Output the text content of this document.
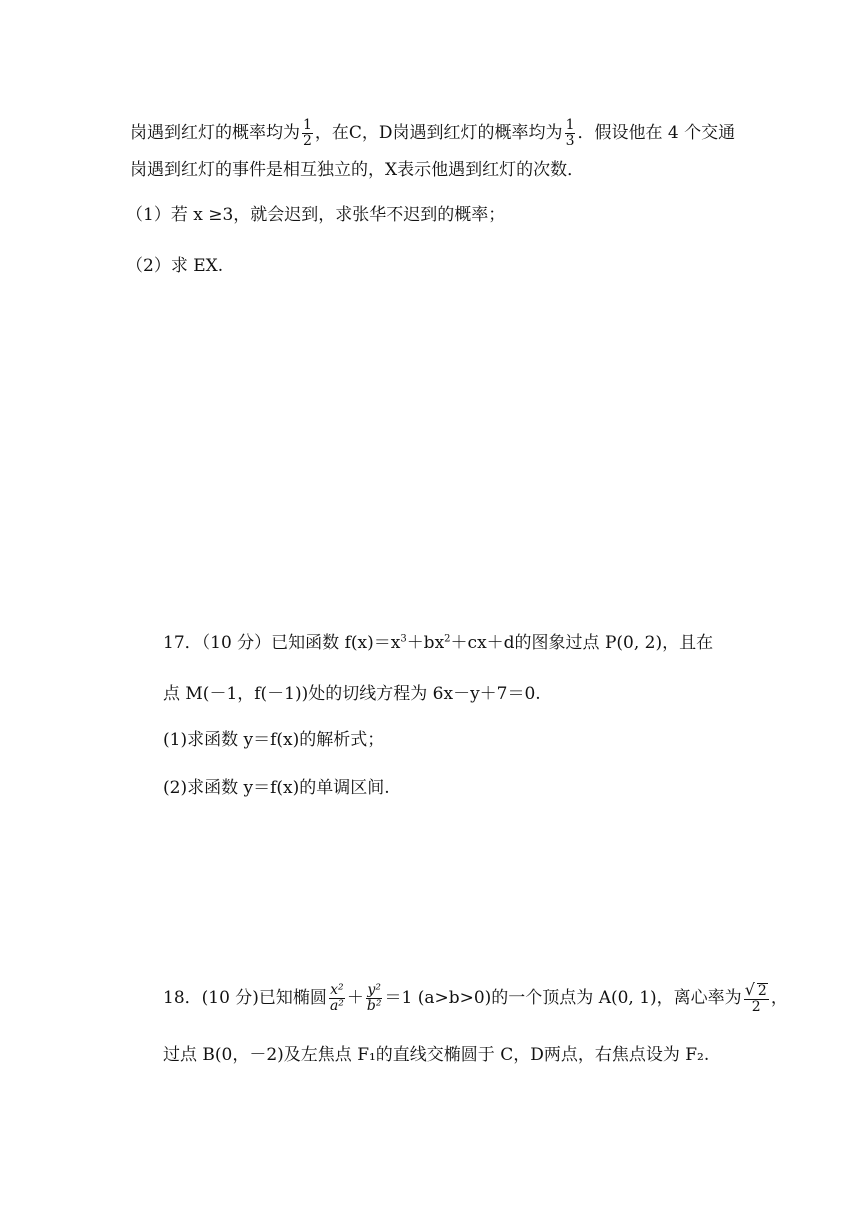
岗遇到红灯的概率均为 $\frac{1}{2}$ ，在C，D岗遇到红灯的概率均为 $\frac{1}{3}$ ．假设他在 4 个交通
岗遇到红灯的事件是相互独立的，X表示他遇到红灯的次数．
（1）若 x ≥3，就会迟到，求张华不迟到的概率；
（2）求 EX.
17．（10 分）已知函数 $f(x)=x^3+bx^2+cx+d$的图象过点 P(0, 2)，且在
点 M(－1，f(－1))处的切线方程为 6x－y＋7＝0.
(1)求函数 y＝f(x)的解析式；
(2)求函数 y＝f(x)的单调区间.
18．(10 分)已知椭圆 $\frac{\text{x²}}{\text{a²}} + \frac{\text{y²}}{\text{b²}} =1$ (a>b>0)的一个顶点为 A(0, 1)，离心率为 $\frac{√ 2}{2}$ ，
过点 B(0，－2)及左焦点 F₁的直线交椭圆于 C，D两点，右焦点设为 F₂.
